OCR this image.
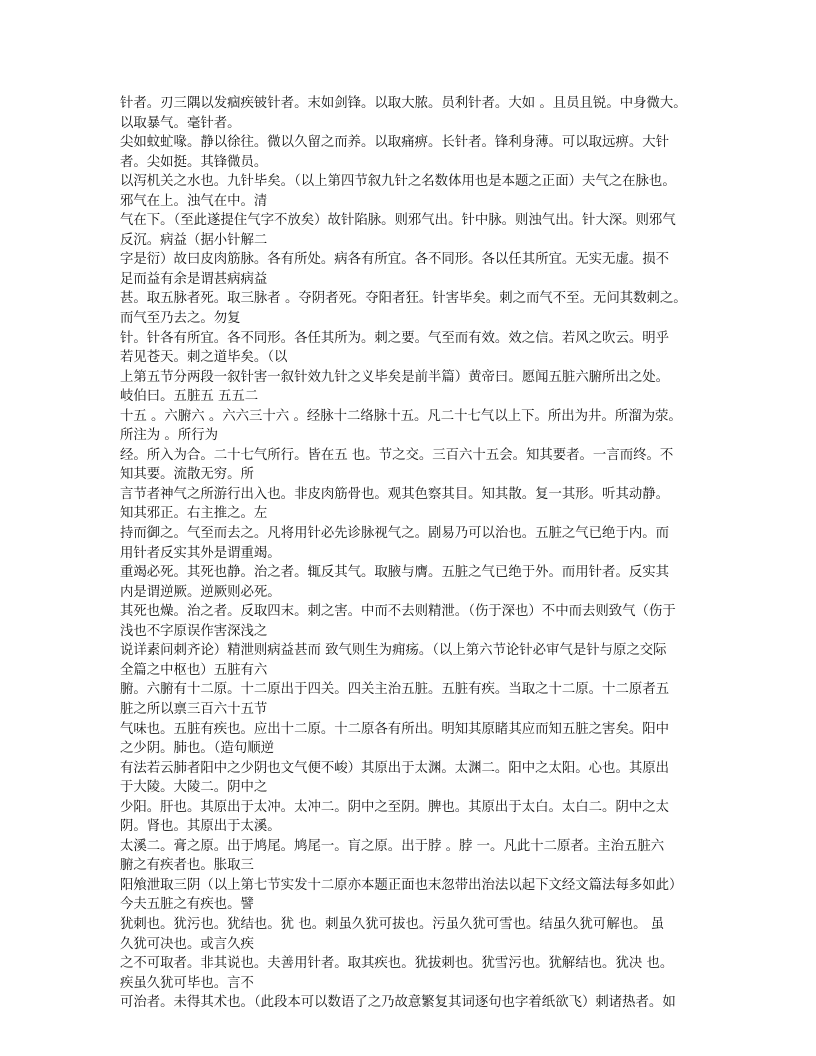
针者。刃三隅以发痼疾铍针者。末如剑锋。以取大脓。员利针者。大如 。且员且锐。中身微大。
以取暴气。毫针者。
尖如蚊虻喙。静以徐往。微以久留之而养。以取痛痹。长针者。锋利身薄。可以取远痹。大针
者。尖如挺。其锋微员。
以泻机关之水也。九针毕矣。（以上第四节叙九针之名数体用也是本题之正面）夫气之在脉也。
邪气在上。浊气在中。清
气在下。（至此遂提住气字不放矣）故针陷脉。则邪气出。针中脉。则浊气出。针大深。则邪气
反沉。病益（据小针解二
字是衍）故曰皮肉筋脉。各有所处。病各有所宜。各不同形。各以任其所宜。无实无虚。损不
足而益有余是谓甚病病益
甚。取五脉者死。取三脉者 。夺阴者死。夺阳者狂。针害毕矣。刺之而气不至。无问其数刺之。
而气至乃去之。勿复
针。针各有所宜。各不同形。各任其所为。刺之要。气至而有效。效之信。若风之吹云。明乎
若见苍天。刺之道毕矣。（以
上第五节分两段一叙针害一叙针效九针之义毕矣是前半篇）黄帝曰。愿闻五脏六腑所出之处。
岐伯曰。五脏五 五五二
十五 。六腑六 。六六三十六 。经脉十二络脉十五。凡二十七气以上下。所出为井。所溜为荥。
所注为 。所行为
经。所入为合。二十七气所行。皆在五 也。节之交。三百六十五会。知其要者。一言而终。不
知其要。流散无穷。所
言节者神气之所游行出入也。非皮肉筋骨也。观其色察其目。知其散。复一其形。听其动静。
知其邪正。右主推之。左
持而御之。气至而去之。凡将用针必先诊脉视气之。剧易乃可以治也。五脏之气已绝于内。而
用针者反实其外是谓重竭。
重竭必死。其死也静。治之者。辄反其气。取腋与膺。五脏之气已绝于外。而用针者。反实其
内是谓逆厥。逆厥则必死。
其死也燥。治之者。反取四末。刺之害。中而不去则精泄。（伤于深也）不中而去则致气（伤于
浅也不字原误作害深浅之
说详素问刺齐论）精泄则病益甚而 致气则生为痈疡。（以上第六节论针必审气是针与原之交际
全篇之中枢也）五脏有六
腑。六腑有十二原。十二原出于四关。四关主治五脏。五脏有疾。当取之十二原。十二原者五
脏之所以禀三百六十五节
气味也。五脏有疾也。应出十二原。十二原各有所出。明知其原睹其应而知五脏之害矣。阳中
之少阴。肺也。（造句顺逆
有法若云肺者阳中之少阴也文气便不峻）其原出于太渊。太渊二。阳中之太阳。心也。其原出
于大陵。大陵二。阴中之
少阳。肝也。其原出于太冲。太冲二。阴中之至阴。脾也。其原出于太白。太白二。阴中之太
阴。肾也。其原出于太溪。
太溪二。膏之原。出于鸠尾。鸠尾一。肓之原。出于脖 。脖 一。凡此十二原者。主治五脏六
腑之有疾者也。胀取三
阳飧泄取三阴（以上第七节实发十二原亦本题正面也末忽带出治法以起下文经文篇法每多如此）
今夫五脏之有疾也。譬
犹刺也。犹污也。犹结也。犹 也。刺虽久犹可拔也。污虽久犹可雪也。结虽久犹可解也。 虽
久犹可决也。或言久疾
之不可取者。非其说也。夫善用针者。取其疾也。犹拔刺也。犹雪污也。犹解结也。犹决 也。
疾虽久犹可毕也。言不
可治者。未得其术也。（此段本可以数语了之乃故意繁复其词逐句也字着纸欲飞）刺诸热者。如
